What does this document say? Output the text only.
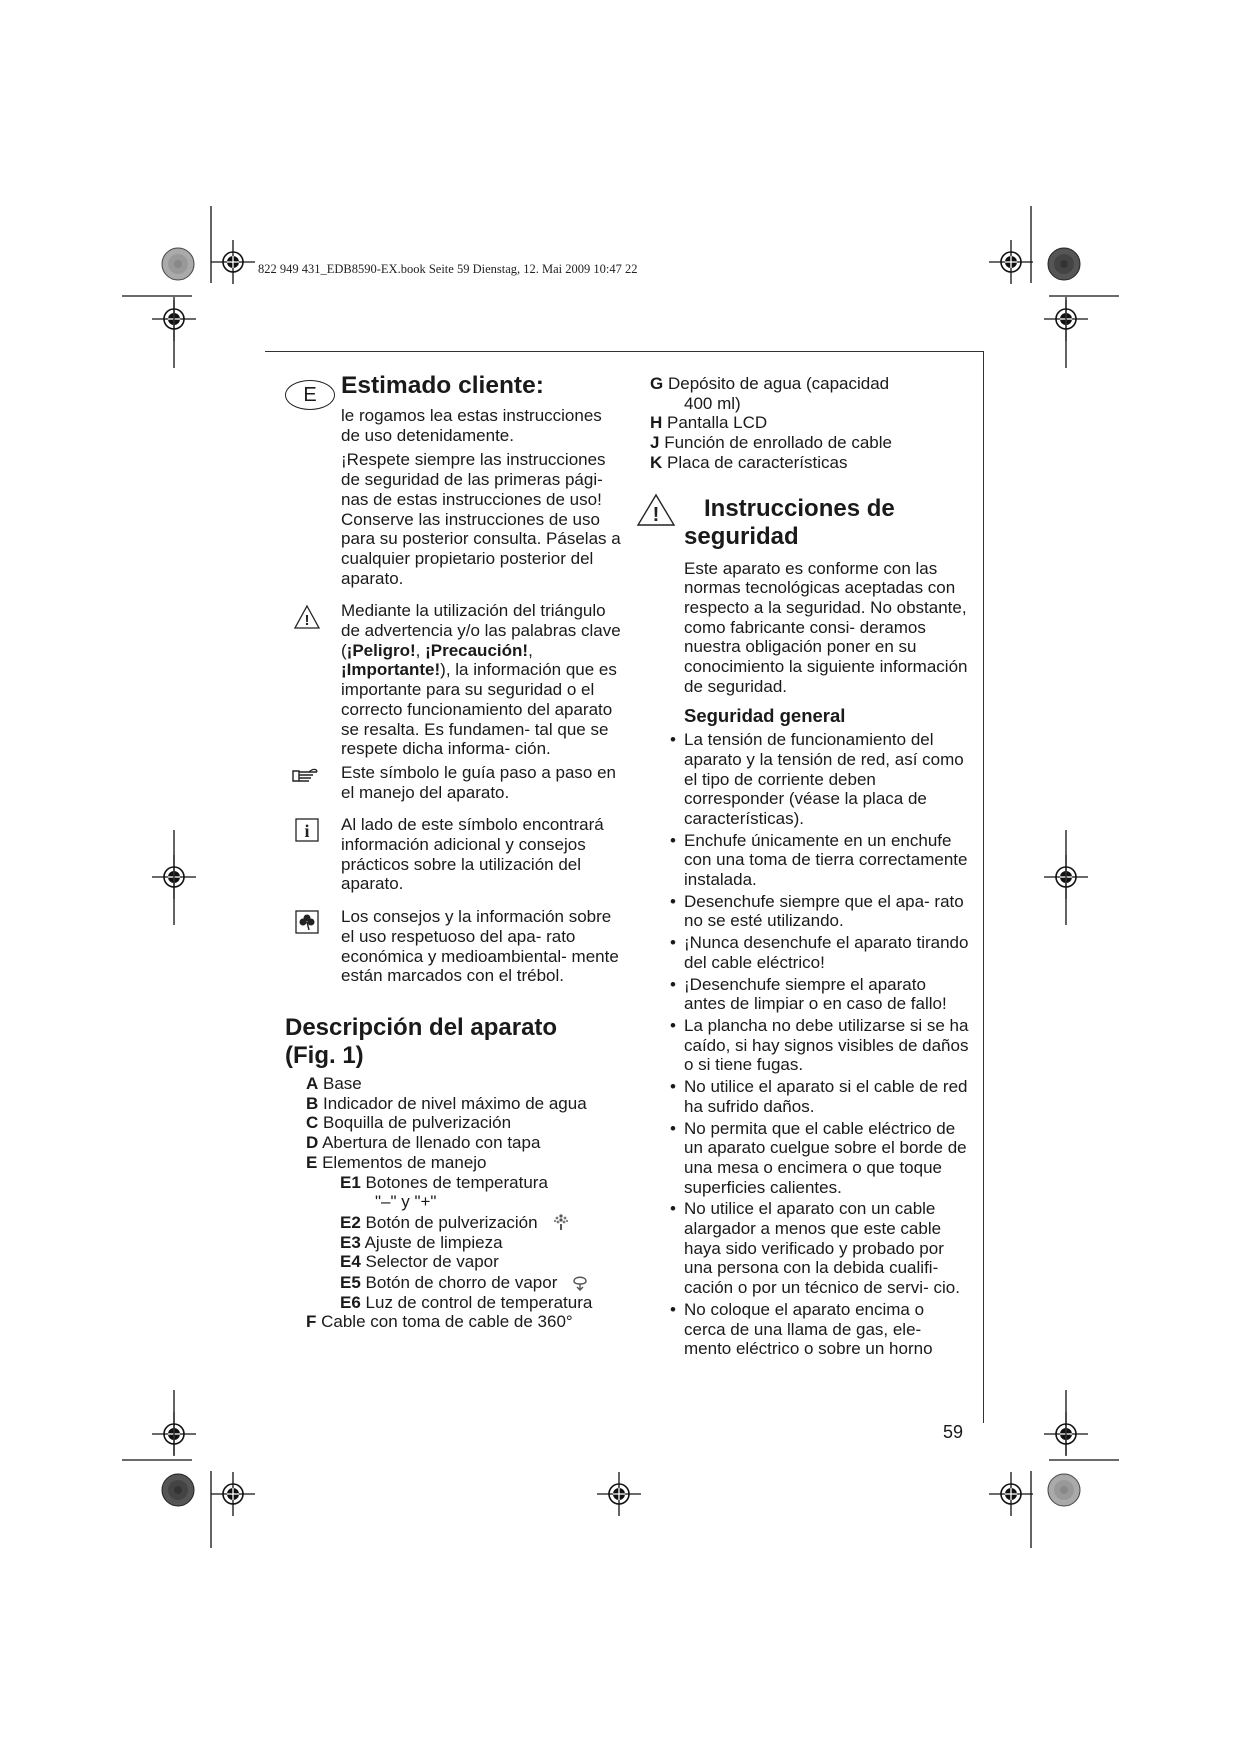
822 949 431_EDB8590-EX.book Seite 59 Dienstag, 12. Mai 2009 10:47 22
E Estimado cliente:

le rogamos lea estas instrucciones de uso detenidamente.

¡Respete siempre las instrucciones de seguridad de las primeras pági- nas de estas instrucciones de uso! Conserve las instrucciones de uso para su posterior consulta. Páselas a cualquier propietario posterior del aparato.

!

Mediante la utilización del triángulo de advertencia y/o las palabras clave (¡Peligro!, ¡Precaución!, ¡Importante!), la información que es importante para su seguridad o el correcto funcionamiento del aparato se resalta. Es fundamen- tal que se respete dicha informa- ción.

Este símbolo le guía paso a paso en el manejo del aparato.

i Al lado de este símbolo encontrará información adicional y consejos prácticos sobre la utilización del aparato.

Los consejos y la información sobre el uso respetuoso del apa- rato económica y medioambiental- mente están marcados con el trébol.

Descripción del aparato
(Fig. 1)
A Base
B Indicador de nivel máximo de agua
C Boquilla de pulverización
D Abertura de llenado con tapa
E Elementos de manejo
E1 Botones de temperatura
"–" y "+"
E2 Botón de pulverización
E3 Ajuste de limpieza
E4 Selector de vapor
E5 Botón de chorro de vapor
E6 Luz de control de temperatura
F Cable con toma de cable de 360°
G Depósito de agua (capacidad
400 ml)
H Pantalla LCD
J Función de enrollado de cable
K Placa de características
!	Instrucciones de
seguridad

Este aparato es conforme con las normas tecnológicas aceptadas con respecto a la seguridad. No obstante, como fabricante consi- deramos nuestra obligación poner en su conocimiento la siguiente información de seguridad.

Seguridad general
• La tensión de funcionamiento del aparato y la tensión de red, así como el tipo de corriente deben corresponder (véase la placa de características).
• Enchufe únicamente en un enchufe con una toma de tierra correctamente instalada.
• Desenchufe siempre que el apa- rato no se esté utilizando.
• ¡Nunca desenchufe el aparato tirando del cable eléctrico!
• ¡Desenchufe siempre el aparato antes de limpiar o en caso de fallo!
• La plancha no debe utilizarse si se ha caído, si hay signos visibles de daños o si tiene fugas.
• No utilice el aparato si el cable de red ha sufrido daños.
• No permita que el cable eléctrico de un aparato cuelgue sobre el borde de una mesa o encimera o que toque superficies calientes.
• No utilice el aparato con un cable alargador a menos que este cable haya sido verificado y probado por una persona con la debida cualifi- cación o por un técnico de servi- cio.
• No coloque el aparato encima o cerca de una llama de gas, ele- mento eléctrico o sobre un horno
59
